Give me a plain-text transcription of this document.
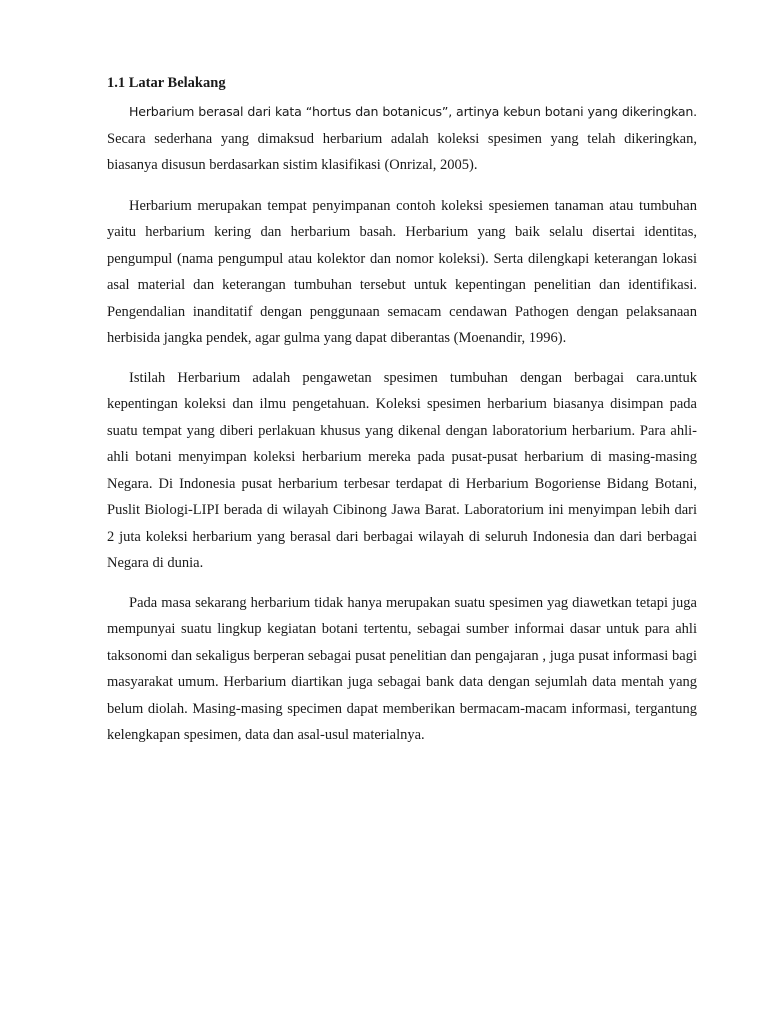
1.1 Latar Belakang

Herbarium berasal dari kata “hortus dan botanicus”, artinya kebun botani yang dikeringkan. Secara sederhana yang dimaksud herbarium adalah koleksi spesimen yang telah dikeringkan, biasanya disusun berdasarkan sistim klasifikasi (Onrizal, 2005).

Herbarium merupakan tempat penyimpanan contoh koleksi spesiemen tanaman atau tumbuhan yaitu herbarium kering dan herbarium basah. Herbarium yang baik selalu disertai identitas, pengumpul (nama pengumpul atau kolektor dan nomor koleksi). Serta dilengkapi keterangan lokasi asal material dan keterangan tumbuhan tersebut untuk kepentingan penelitian dan identifikasi. Pengendalian inanditatif dengan penggunaan semacam cendawan Pathogen dengan pelaksanaan herbisida jangka pendek, agar gulma yang dapat diberantas (Moenandir, 1996).

Istilah Herbarium adalah pengawetan spesimen tumbuhan dengan berbagai cara.untuk kepentingan koleksi dan ilmu pengetahuan. Koleksi spesimen herbarium biasanya disimpan pada suatu tempat yang diberi perlakuan khusus yang dikenal dengan laboratorium herbarium. Para ahli-ahli botani menyimpan koleksi herbarium mereka pada pusat-pusat herbarium di masing-masing Negara. Di Indonesia pusat herbarium terbesar terdapat di Herbarium Bogoriense Bidang Botani, Puslit Biologi-LIPI berada di wilayah Cibinong Jawa Barat. Laboratorium ini menyimpan lebih dari 2 juta koleksi herbarium yang berasal dari berbagai wilayah di seluruh Indonesia dan dari berbagai Negara di dunia.

Pada masa sekarang herbarium tidak hanya merupakan suatu spesimen yag diawetkan tetapi juga mempunyai suatu lingkup kegiatan botani tertentu, sebagai sumber informai dasar untuk para ahli taksonomi dan sekaligus berperan sebagai pusat penelitian dan pengajaran , juga pusat informasi bagi masyarakat umum. Herbarium diartikan juga sebagai bank data dengan sejumlah data mentah yang belum diolah. Masing-masing specimen dapat memberikan bermacam-macam informasi, tergantung kelengkapan spesimen, data dan asal-usul materialnya.
